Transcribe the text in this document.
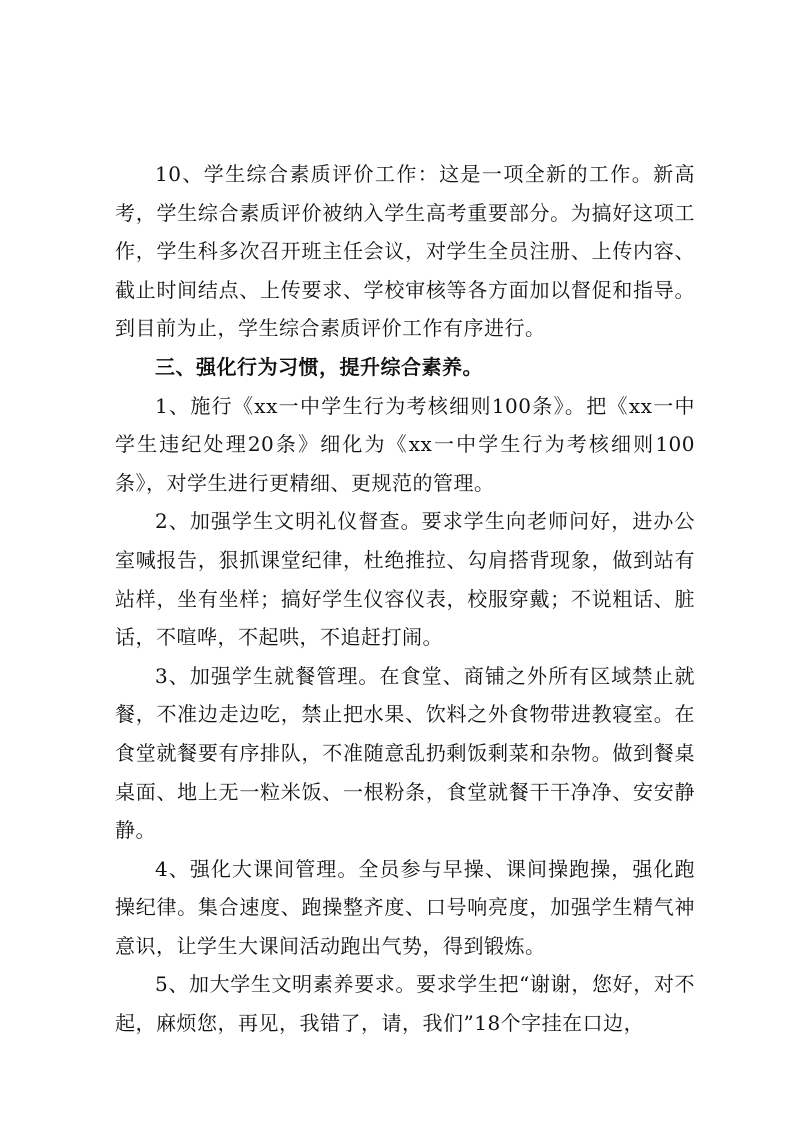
10、学生综合素质评价工作：这是一项全新的工作。新高考，学生综合素质评价被纳入学生高考重要部分。为搞好这项工作，学生科多次召开班主任会议，对学生全员注册、上传内容、截止时间结点、上传要求、学校审核等各方面加以督促和指导。到目前为止，学生综合素质评价工作有序进行。

三、强化行为习惯，提升综合素养。

1、施行《xx一中学生行为考核细则100条》。把《xx一中学生违纪处理20条》细化为《xx一中学生行为考核细则100条》，对学生进行更精细、更规范的管理。

2、加强学生文明礼仪督查。要求学生向老师问好，进办公室喊报告，狠抓课堂纪律，杜绝推拉、勾肩搭背现象，做到站有站样，坐有坐样；搞好学生仪容仪表，校服穿戴；不说粗话、脏话，不喧哗，不起哄，不追赶打闹。

3、加强学生就餐管理。在食堂、商铺之外所有区域禁止就餐，不准边走边吃，禁止把水果、饮料之外食物带进教寝室。在食堂就餐要有序排队，不准随意乱扔剩饭剩菜和杂物。做到餐桌桌面、地上无一粒米饭、一根粉条，食堂就餐干干净净、安安静静。

4、强化大课间管理。全员参与早操、课间操跑操，强化跑操纪律。集合速度、跑操整齐度、口号响亮度，加强学生精气神意识，让学生大课间活动跑出气势，得到锻炼。

5、加大学生文明素养要求。要求学生把“谢谢，您好，对不起，麻烦您，再见，我错了，请，我们”18个字挂在口边，
